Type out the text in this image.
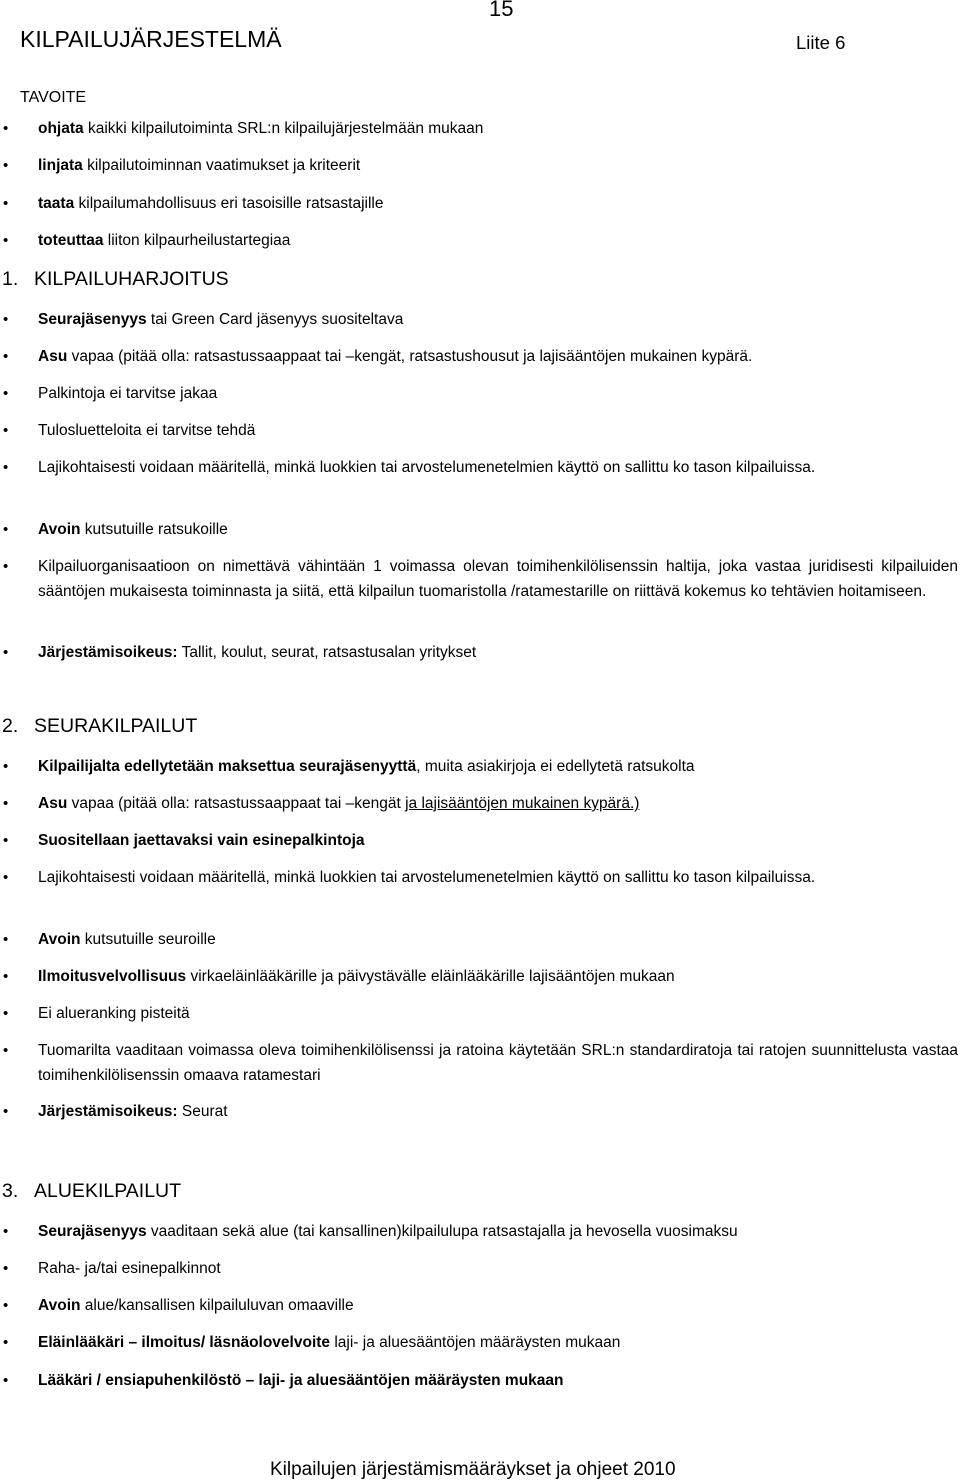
15
KILPAILUJÄRJESTELMÄ	Liite 6
TAVOITE
• ohjata kaikki kilpailutoiminta SRL:n kilpailujärjestelmään mukaan
• linjata kilpailutoiminnan vaatimukset ja kriteerit
• taata kilpailumahdollisuus eri tasoisille ratsastajille
• toteuttaa liiton kilpaurheilustartegiaa
1. KILPAILUHARJOITUS
• Seurajäsenyys tai Green Card jäsenyys suositeltava
• Asu vapaa (pitää olla: ratsastussaappaat tai –kengät, ratsastushousut ja lajisääntöjen mukainen kypärä.
• Palkintoja ei tarvitse jakaa
• Tulosluetteloita ei tarvitse tehdä
• Lajikohtaisesti voidaan määritellä, minkä luokkien tai arvostelumenetelmien käyttö on sallittu ko tason kilpailuissa.
• Avoin kutsutuille ratsukoille
• Kilpailuorganisaatioon on nimettävä vähintään 1 voimassa olevan toimihenkilölisenssin haltija, joka vastaa juridisesti kilpailuiden sääntöjen mukaisesta toiminnasta ja siitä, että kilpailun tuomaristolla /ratamestarille on riittävä kokemus ko tehtävien hoitamiseen.
• Järjestämisoikeus: Tallit, koulut, seurat, ratsastusalan yritykset
2. SEURAKILPAILUT
• Kilpailijalta edellytetään maksettua seurajäsenyyttä, muita asiakirjoja ei edellytetä ratsukolta
• Asu vapaa (pitää olla: ratsastussaappaat tai –kengät ja lajisääntöjen mukainen kypärä.)
• Suositellaan jaettavaksi vain esinepalkintoja
• Lajikohtaisesti voidaan määritellä, minkä luokkien tai arvostelumenetelmien käyttö on sallittu ko tason kilpailuissa.
• Avoin kutsutuille seuroille
• Ilmoitusvelvollisuus virkaeläinlääkärille ja päivystävälle eläinlääkärille lajisääntöjen mukaan
• Ei alueranking pisteitä
• Tuomarilta vaaditaan voimassa oleva toimihenkilölisenssi ja ratoina käytetään SRL:n standardiratoja tai ratojen suunnittelusta vastaa toimihenkilölisenssin omaava ratamestari
• Järjestämisoikeus: Seurat
3. ALUEKILPAILUT
• Seurajäsenyys vaaditaan sekä alue (tai kansallinen)kilpailulupa ratsastajalla ja hevosella vuosimaksu
• Raha- ja/tai esinepalkinnot
• Avoin alue/kansallisen kilpailuluvan omaaville
• Eläinlääkäri – ilmoitus/ läsnäolovelvoite laji- ja aluesääntöjen määräysten mukaan
• Lääkäri / ensiapuhenkilöstö – laji- ja aluesääntöjen määräysten mukaan
Kilpailujen järjestämismääräykset ja ohjeet 2010
